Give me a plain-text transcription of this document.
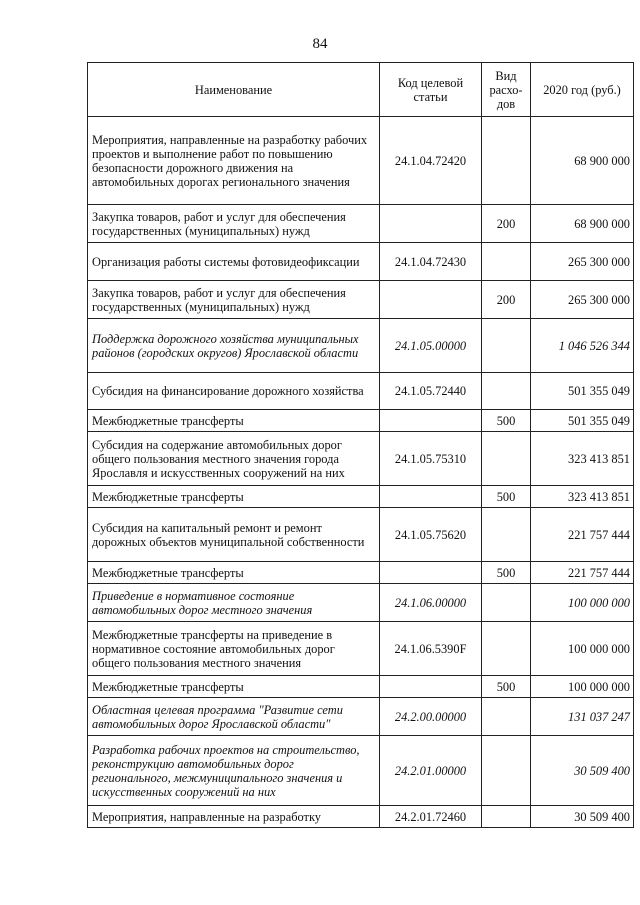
84
Наименование	Код целевой статьи	Вид расхо-дов	2020 год (руб.)
Мероприятия, направленные на разработку рабочих проектов и выполнение работ по повышению безопасности дорожного движения на автомобильных дорогах регионального значения	24.1.04.72420		68 900 000
Закупка товаров, работ и услуг для обеспечения государственных (муниципальных) нужд		200	68 900 000
Организация работы системы фотовидеофиксации	24.1.04.72430		265 300 000
Закупка товаров, работ и услуг для обеспечения государственных (муниципальных) нужд		200	265 300 000
Поддержка дорожного хозяйства муниципальных районов (городских округов) Ярославской области	24.1.05.00000		1 046 526 344
Субсидия на финансирование дорожного хозяйства	24.1.05.72440		501 355 049
Межбюджетные трансферты		500	501 355 049
Субсидия на содержание автомобильных дорог общего пользования местного значения города Ярославля и искусственных сооружений на них	24.1.05.75310		323 413 851
Межбюджетные трансферты		500	323 413 851
Субсидия на капитальный ремонт и ремонт дорожных объектов муниципальной собственности	24.1.05.75620		221 757 444
Межбюджетные трансферты		500	221 757 444
Приведение в нормативное состояние автомобильных дорог местного значения	24.1.06.00000		100 000 000
Межбюджетные трансферты на приведение в нормативное состояние автомобильных дорог общего пользования местного значения	24.1.06.5390F		100 000 000
Межбюджетные трансферты		500	100 000 000
Областная целевая программа "Развитие сети автомобильных дорог Ярославской области"	24.2.00.00000		131 037 247
Разработка рабочих проектов на строительство, реконструкцию автомобильных дорог регионального, межмуниципального значения и искусственных сооружений на них	24.2.01.00000		30 509 400
Мероприятия, направленные на разработку	24.2.01.72460		30 509 400
